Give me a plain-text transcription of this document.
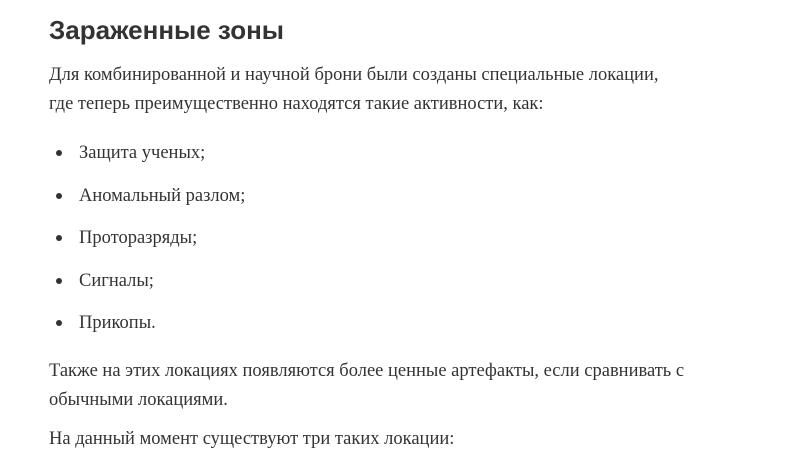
Зараженные зоны

Для комбинированной и научной брони были созданы специальные локации,
где теперь преимущественно находятся такие активности, как:

Защита ученых;
Аномальный разлом;
Проторазряды;
Сигналы;
Прикопы.

Также на этих локациях появляются более ценные артефакты, если сравнивать с
обычными локациями.

На данный момент существуют три таких локации:
